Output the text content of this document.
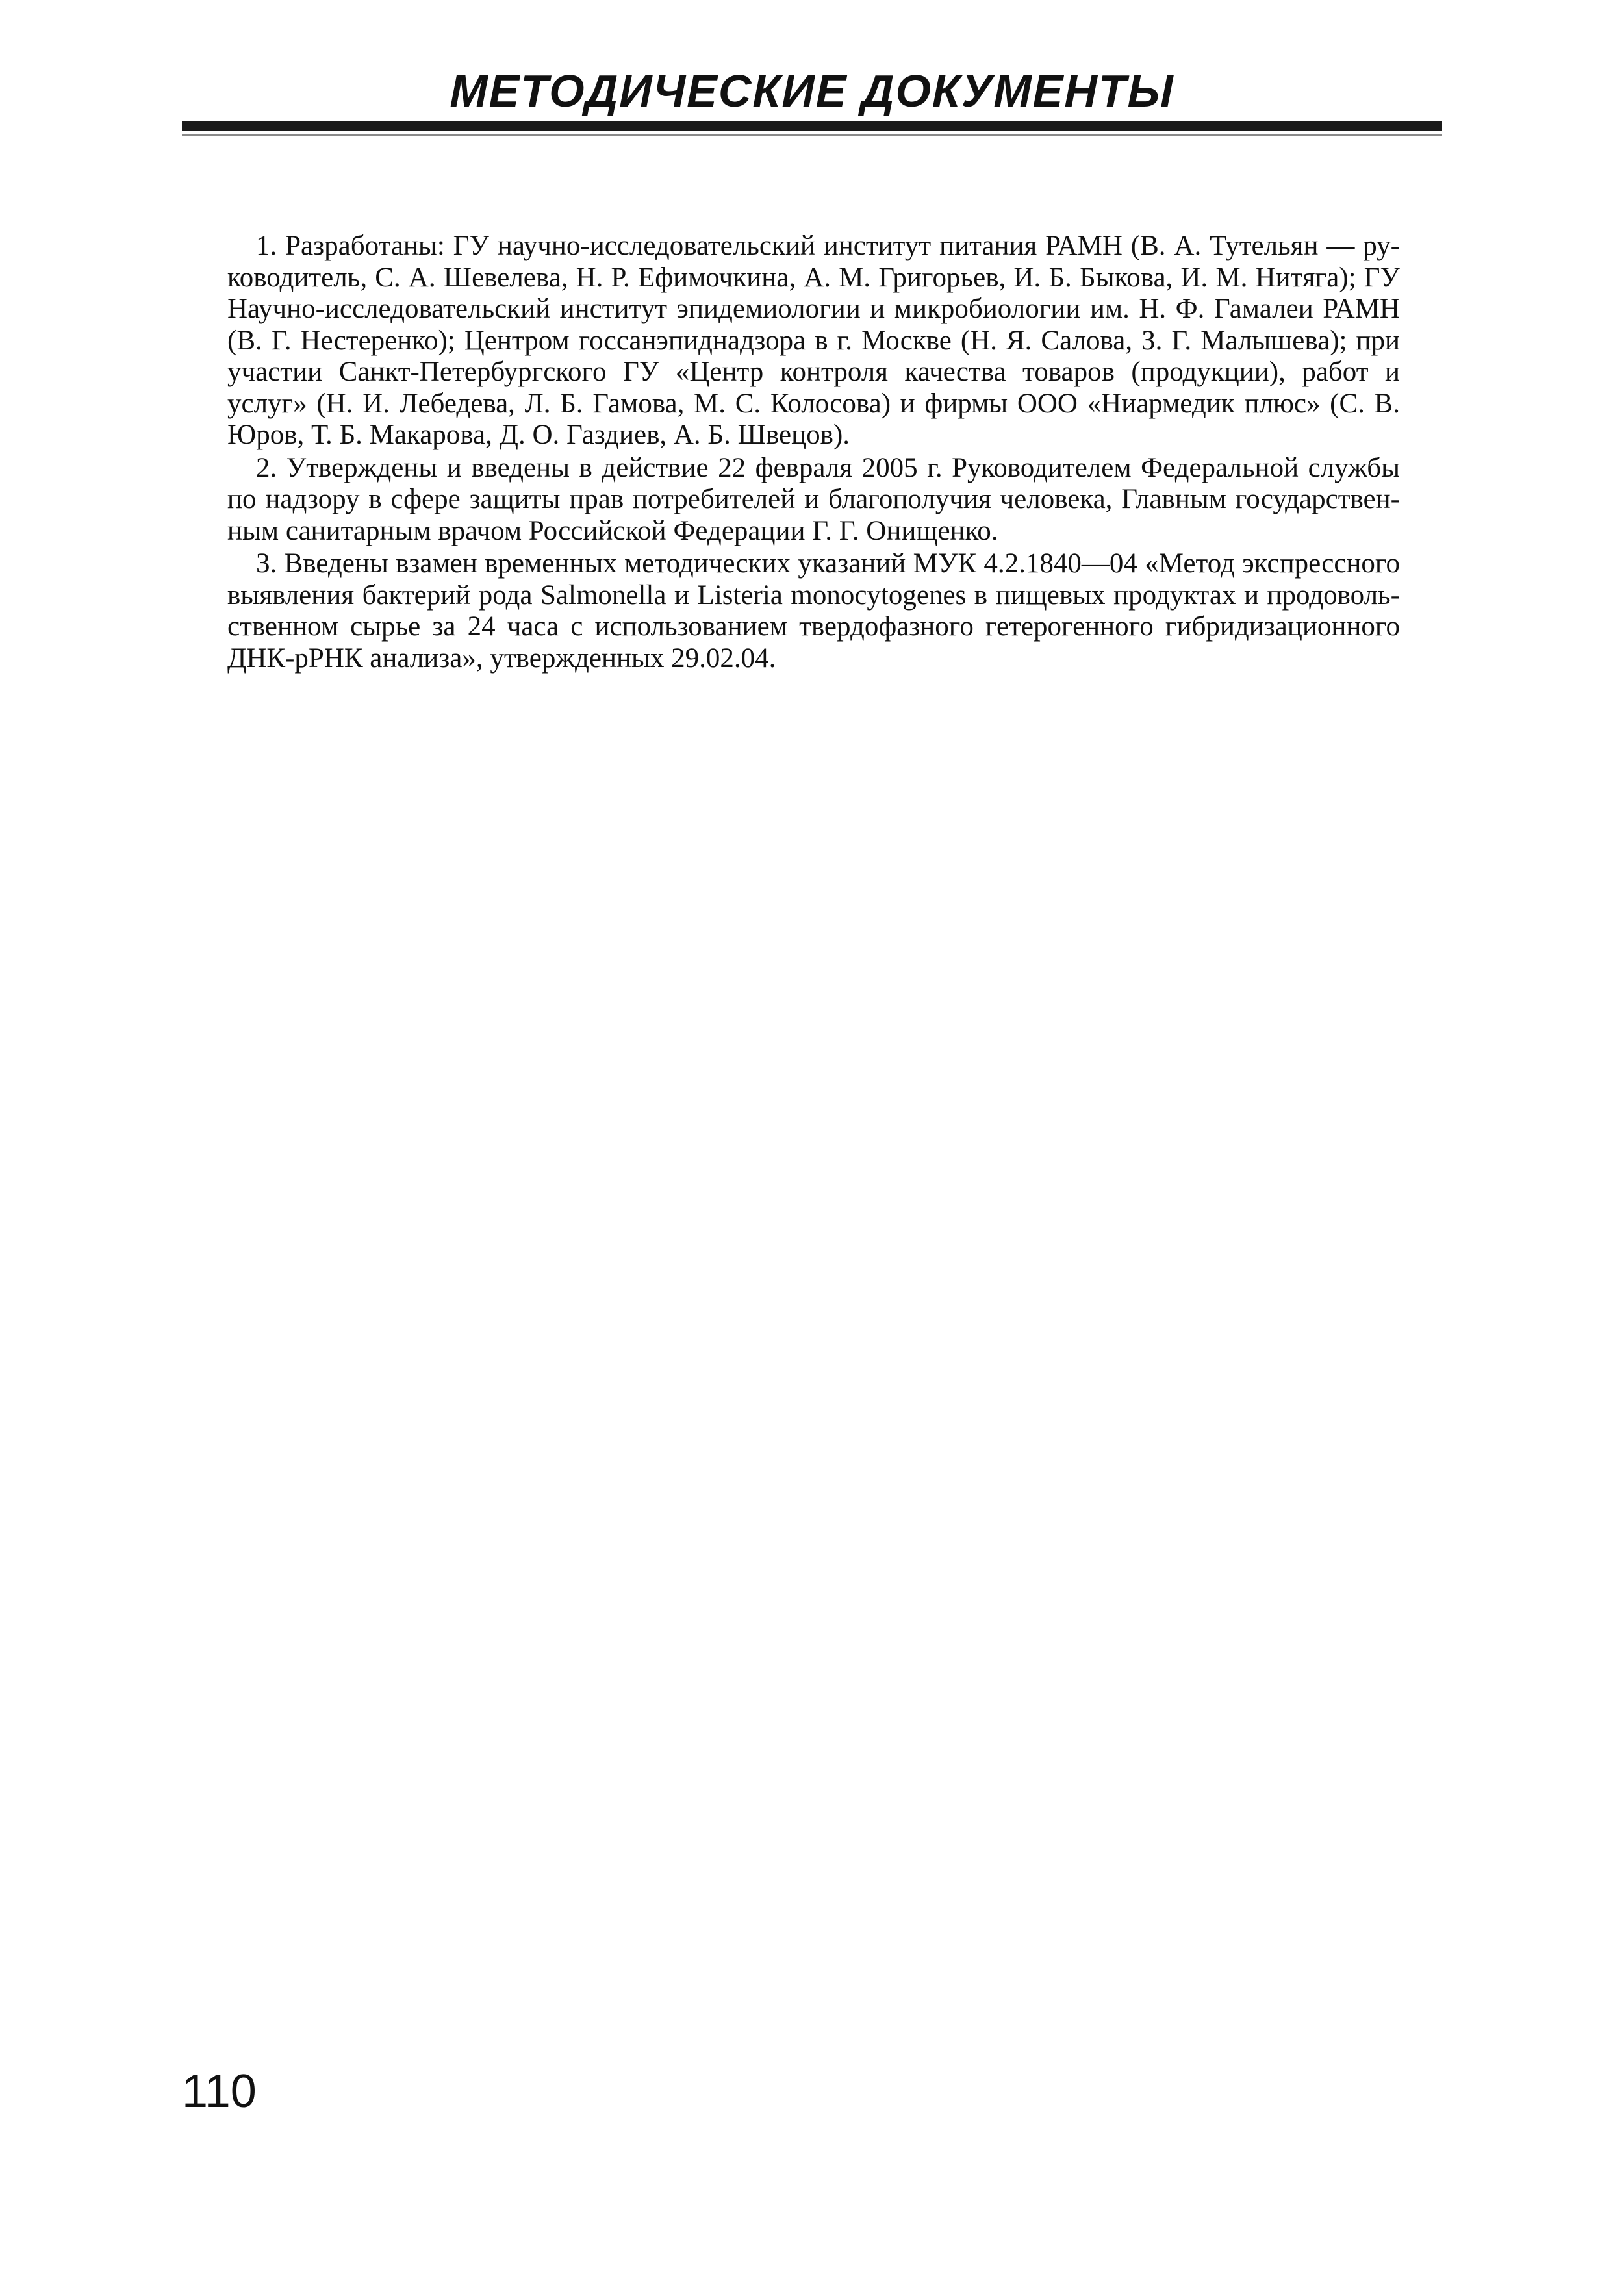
МЕТОДИЧЕСКИЕ ДОКУМЕНТЫ

1. Разработаны: ГУ научно-исследовательский институт питания РАМН (В. А. Тутельян — руководитель, С. А. Шевелева, Н. Р. Ефимочкина, А. М. Григорьев, И. Б. Быкова, И. М. Нитяга); ГУ Научно-исследовательский институт эпидемиологии и микробиологии им. Н. Ф. Гамалеи РАМН (В. Г. Нестеренко); Центром госсанэпиднадзора в г. Москве (Н. Я. Салова, З. Г. Малышева); при участии Санкт-Петербургского ГУ «Центр контроля качества товаров (продукции), работ и услуг» (Н. И. Лебедева, Л. Б. Гамова, М. С. Колосова) и фирмы ООО «Ниармедик плюс» (С. В. Юров, Т. Б. Макарова, Д. О. Газдиев, А. Б. Швецов).

2. Утверждены и введены в действие 22 февраля 2005 г. Руководителем Федеральной службы по надзору в сфере защиты прав потребителей и благополучия человека, Главным государственным санитарным врачом Российской Федерации Г. Г. Онищенко.

3. Введены взамен временных методических указаний МУК 4.2.1840—04 «Метод экспрессного выявления бактерий рода Salmonella и Listeria monocytogenes в пищевых продуктах и продовольственном сырье за 24 часа с использованием твердофазного гетерогенного гибридизационного ДНК-рРНК анализа», утвержденных 29.02.04.

110
